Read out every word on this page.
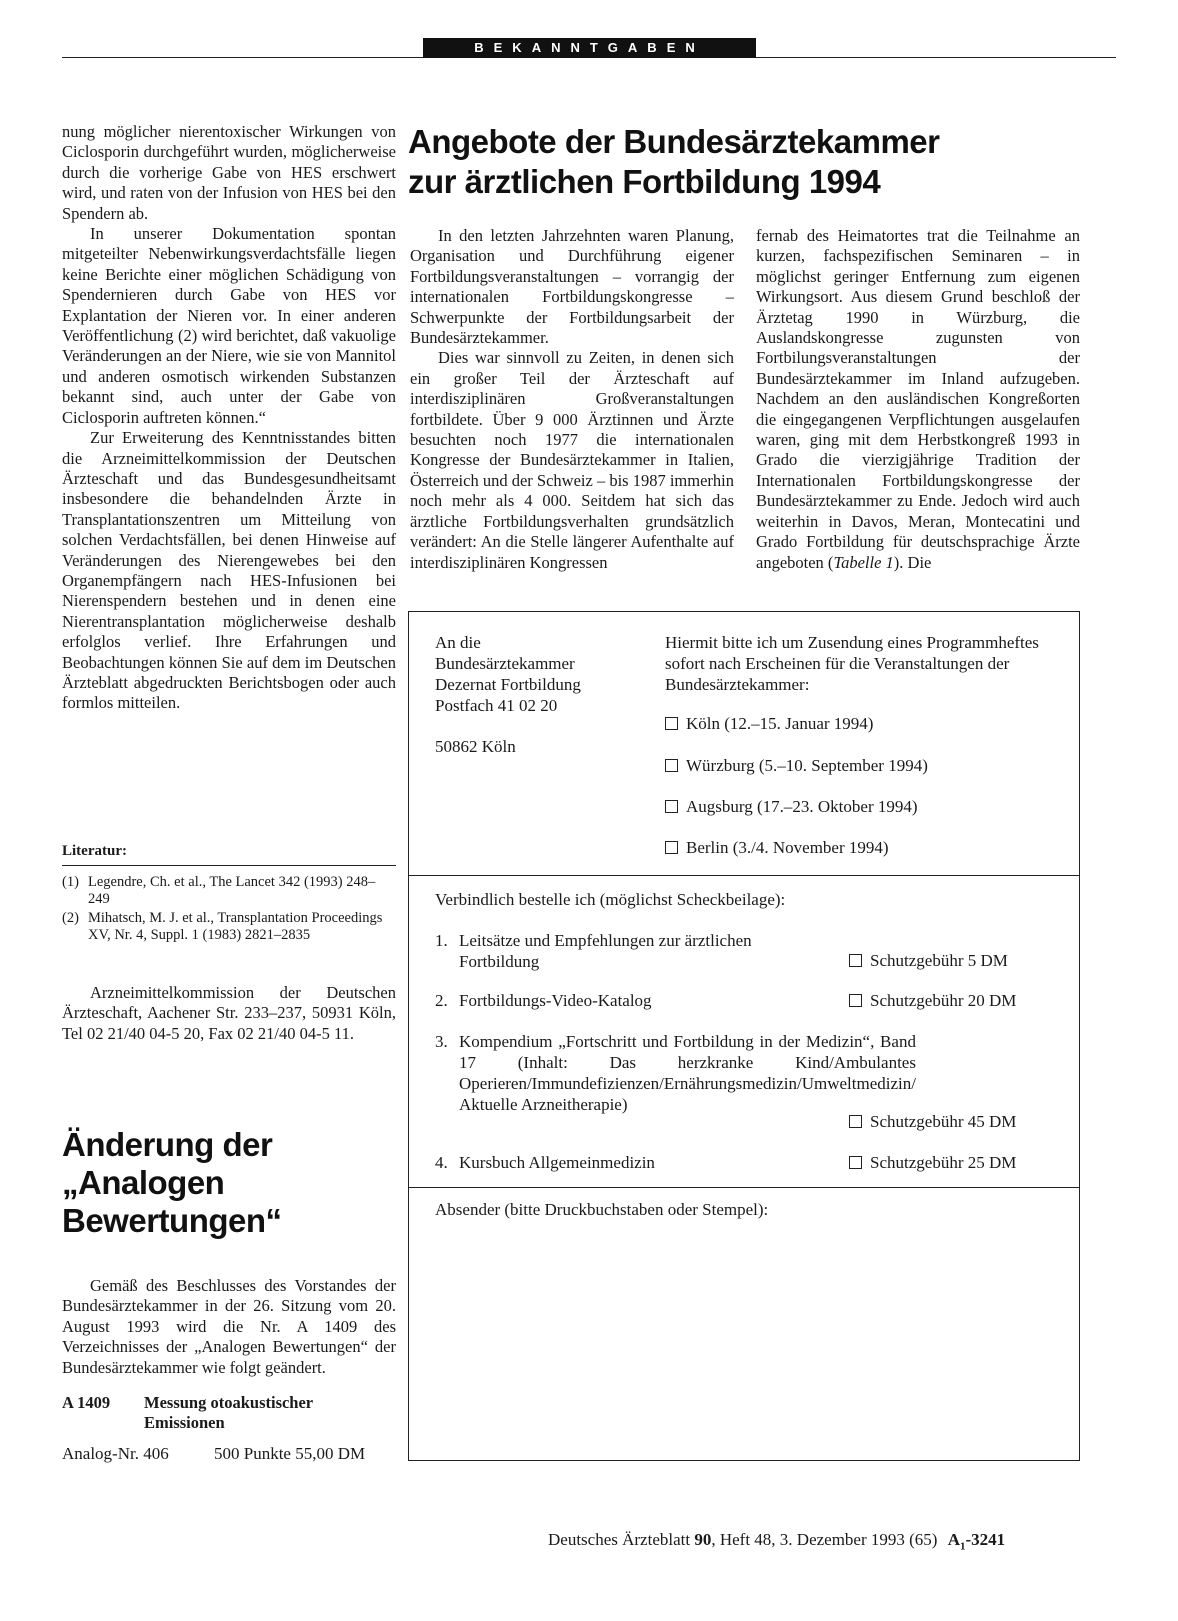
BEKANNTGABEN

nung möglicher nierentoxischer Wirkungen von Ciclosporin durchgeführt wurden, möglicherweise durch die vorherige Gabe von HES erschwert wird, und raten von der Infusion von HES bei den Spendern ab.

In unserer Dokumentation spontan mitgeteilter Nebenwirkungsverdachtsfälle liegen keine Berichte einer möglichen Schädigung von Spendernieren durch Gabe von HES vor Explantation der Nieren vor. In einer anderen Veröffentlichung (2) wird berichtet, daß vakuolige Veränderungen an der Niere, wie sie von Mannitol und anderen osmotisch wirkenden Substanzen bekannt sind, auch unter der Gabe von Ciclosporin auftreten können.“

Zur Erweiterung des Kenntnisstandes bitten die Arzneimittelkommission der Deutschen Ärzteschaft und das Bundesgesundheitsamt insbesondere die behandelnden Ärzte in Transplantationszentren um Mitteilung von solchen Verdachtsfällen, bei denen Hinweise auf Veränderungen des Nierengewebes bei den Organempfängern nach HES-Infusionen bei Nierenspendern bestehen und in denen eine Nierentransplantation möglicherweise deshalb erfolglos verlief. Ihre Erfahrungen und Beobachtungen können Sie auf dem im Deutschen Ärzteblatt abgedruckten Berichtsbogen oder auch formlos mitteilen.

Literatur:
(1) Legendre, Ch. et al., The Lancet 342 (1993) 248–249
(2) Mihatsch, M. J. et al., Transplantation Proceedings XV, Nr. 4, Suppl. 1 (1983) 2821–2835

Arzneimittelkommission der Deutschen Ärzteschaft, Aachener Str. 233–237, 50931 Köln, Tel 02 21/40 04-5 20, Fax 02 21/40 04-5 11.

Änderung der „Analogen Bewertungen“

Gemäß des Beschlusses des Vorstandes der Bundesärztekammer in der 26. Sitzung vom 20. August 1993 wird die Nr. A 1409 des Verzeichnisses der „Analogen Bewertungen“ der Bundesärztekammer wie folgt geändert.

A 1409	Messung otoakustischer Emissionen
Analog-Nr. 406	500 Punkte 55,00 DM
Angebote der Bundesärztekammer zur ärztlichen Fortbildung 1994

In den letzten Jahrzehnten waren Planung, Organisation und Durchführung eigener Fortbildungsveranstaltungen – vorrangig der internationalen Fortbildungskongresse – Schwerpunkte der Fortbildungsarbeit der Bundesärztekammer.

Dies war sinnvoll zu Zeiten, in denen sich ein großer Teil der Ärzteschaft auf interdisziplinären Großveranstaltungen fortbildete. Über 9 000 Ärztinnen und Ärzte besuchten noch 1977 die internationalen Kongresse der Bundesärztekammer in Italien, Österreich und der Schweiz – bis 1987 immerhin noch mehr als 4 000. Seitdem hat sich das ärztliche Fortbildungsverhalten grundsätzlich verändert: An die Stelle längerer Aufenthalte auf interdisziplinären Kongressen

fernab des Heimatortes trat die Teilnahme an kurzen, fachspezifischen Seminaren – in möglichst geringer Entfernung zum eigenen Wirkungsort. Aus diesem Grund beschloß der Ärztetag 1990 in Würzburg, die Auslandskongresse zugunsten von Fortbilungsveranstaltungen der Bundesärztekammer im Inland aufzugeben. Nachdem an den ausländischen Kongreßorten die eingegangenen Verpflichtungen ausgelaufen waren, ging mit dem Herbstkongreß 1993 in Grado die vierzigjährige Tradition der Internationalen Fortbildungskongresse der Bundesärztekammer zu Ende. Jedoch wird auch weiterhin in Davos, Meran, Montecatini und Grado Fortbildung für deutschsprachige Ärzte angeboten (Tabelle 1). Die

An die
Bundesärztekammer
Dezernat Fortbildung
Postfach 41 02 20
50862 Köln
Hiermit bitte ich um Zusendung eines Programmheftes sofort nach Erscheinen für die Veranstaltungen der Bundesärztekammer:
Köln (12.–15. Januar 1994)
Würzburg (5.–10. September 1994)
Augsburg (17.–23. Oktober 1994)
Berlin (3./4. November 1994)
Verbindlich bestelle ich (möglichst Scheckbeilage):
1. Leitsätze und Empfehlungen zur ärztlichen Fortbildung	Schutzgebühr 5 DM
2. Fortbildungs-Video-Katalog	Schutzgebühr 20 DM
3. Kompendium „Fortschritt und Fortbildung in der Medizin“, Band 17 (Inhalt: Das herzkranke Kind/Ambulantes Operieren/Immundefizienzen/Ernährungsmedizin/Umweltmedizin/ Aktuelle Arzneitherapie)
Schutzgebühr 45 DM
4. Kursbuch Allgemeinmedizin	Schutzgebühr 25 DM
Absender (bitte Druckbuchstaben oder Stempel):
Deutsches Ärzteblatt 90, Heft 48, 3. Dezember 1993 (65) $A_1-3241$
